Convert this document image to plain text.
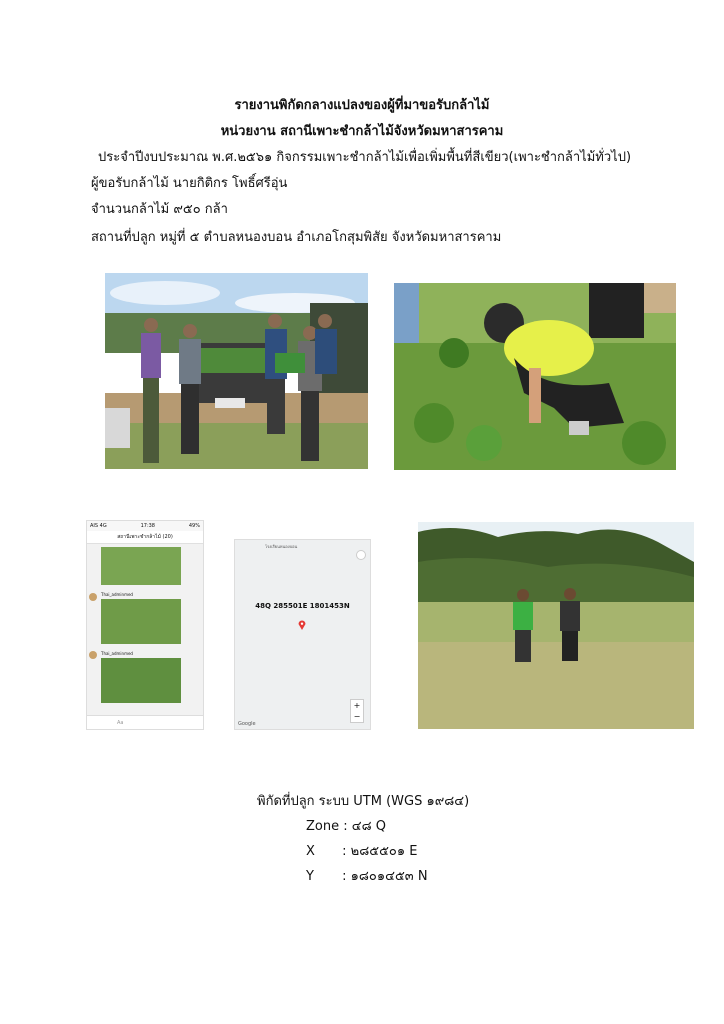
รายงานพิกัดกลางแปลงของผู้ที่มาขอรับกล้าไม้
หน่วยงาน สถานีเพาะชำกล้าไม้จังหวัดมหาสารคาม
ประจำปีงบประมาณ พ.ศ.๒๕๖๑ กิจกรรมเพาะชำกล้าไม้เพื่อเพิ่มพื้นที่สีเขียว(เพาะชำกล้าไม้ทั่วไป)
ผู้ขอรับกล้าไม้ นายกิติกร โพธิ์ศรีอุ่น
จำนวนกล้าไม้ ๙๕๐ กล้า
สถานที่ปลูก หมู่ที่ ๕ ตำบลหนองบอน อำเภอโกสุมพิสัย จังหวัดมหาสารคาม
AIS 4G	17:38	49%
สถานีเพาะชำกล้าไม้ (20)
Thai_adminmed
Thai_adminmed
Aa
โรงเรียนหนองบอน
48Q 285501E 1801453N
+
−
Google
พิกัดที่ปลูก ระบบ UTM (WGS ๑๙๘๔)
Zone : ๔๘ Q
X : ๒๘๕๕๐๑ E
Y : ๑๘๐๑๔๕๓ N
